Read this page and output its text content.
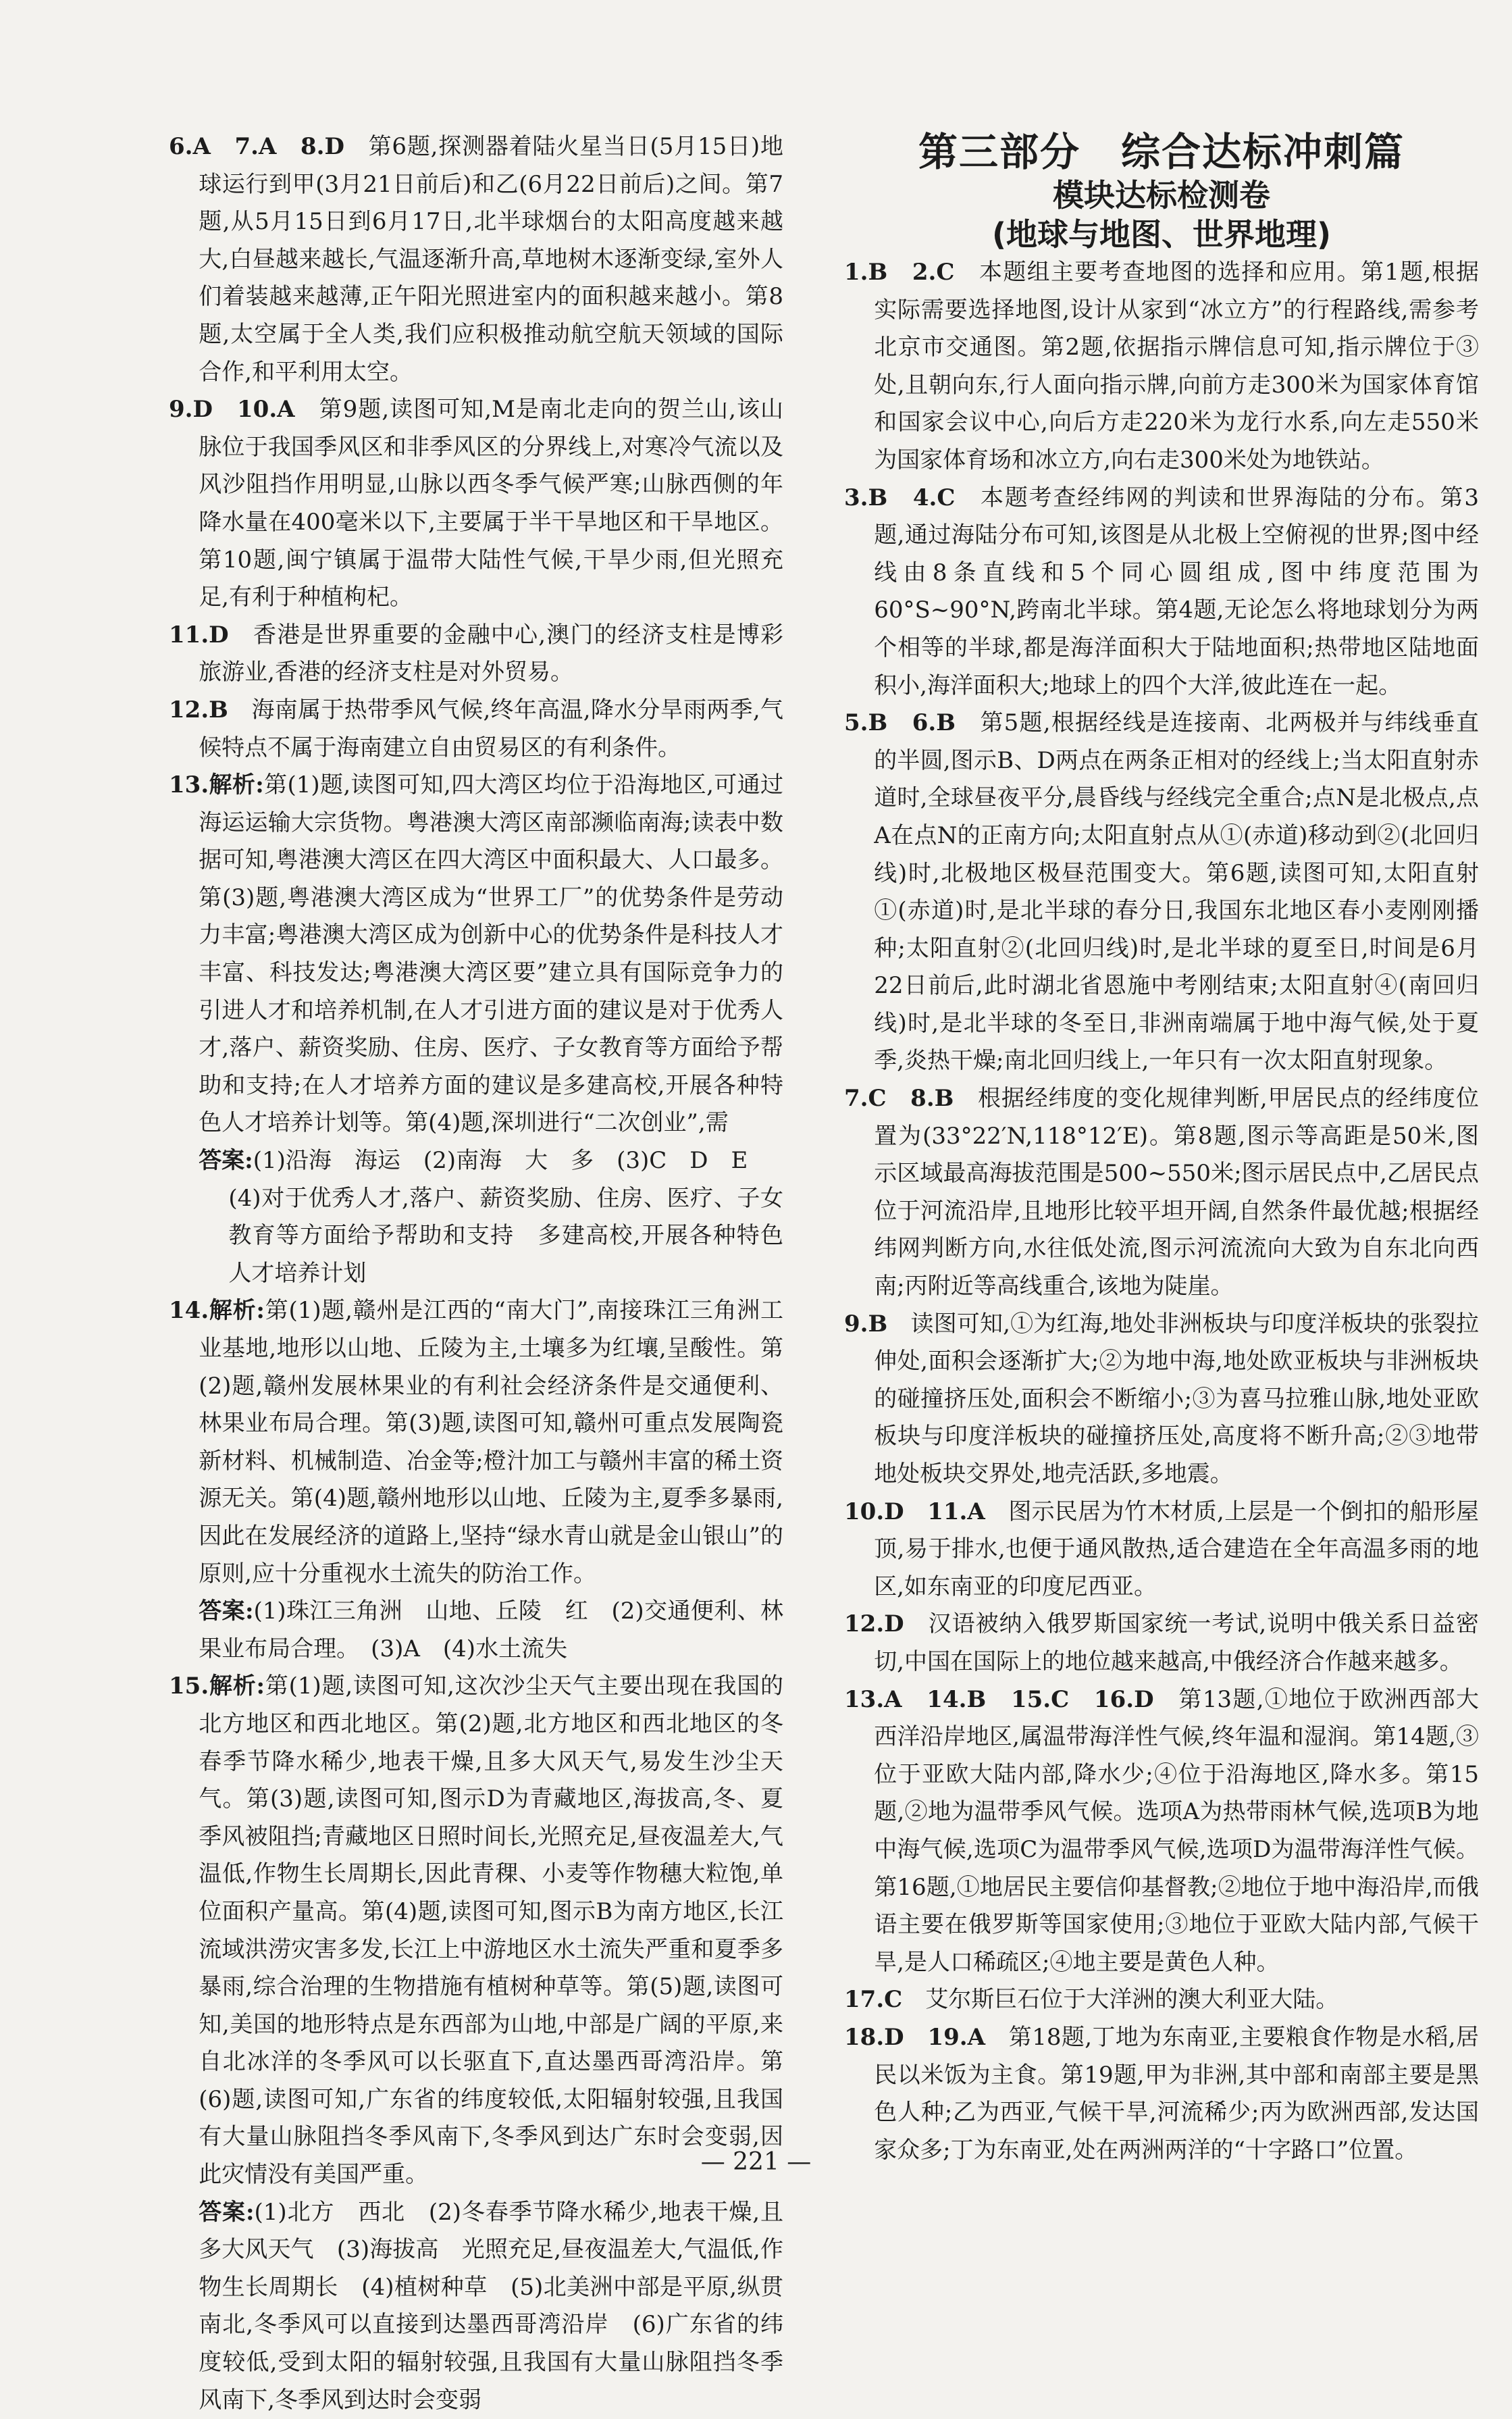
6.A　7.A　8.D　第6题,探测器着陆火星当日(5月15日)地球运行到甲(3月21日前后)和乙(6月22日前后)之间。第7题,从5月15日到6月17日,北半球烟台的太阳高度越来越大,白昼越来越长,气温逐渐升高,草地树木逐渐变绿,室外人们着装越来越薄,正午阳光照进室内的面积越来越小。第8题,太空属于全人类,我们应积极推动航空航天领域的国际合作,和平利用太空。

9.D　10.A　第9题,读图可知,M是南北走向的贺兰山,该山脉位于我国季风区和非季风区的分界线上,对寒冷气流以及风沙阻挡作用明显,山脉以西冬季气候严寒;山脉西侧的年降水量在400毫米以下,主要属于半干旱地区和干旱地区。第10题,闽宁镇属于温带大陆性气候,干旱少雨,但光照充足,有利于种植枸杞。

11.D　香港是世界重要的金融中心,澳门的经济支柱是博彩旅游业,香港的经济支柱是对外贸易。

12.B　海南属于热带季风气候,终年高温,降水分旱雨两季,气候特点不属于海南建立自由贸易区的有利条件。

13.解析:第(1)题,读图可知,四大湾区均位于沿海地区,可通过海运运输大宗货物。粤港澳大湾区南部濒临南海;读表中数据可知,粤港澳大湾区在四大湾区中面积最大、人口最多。第(3)题,粤港澳大湾区成为“世界工厂”的优势条件是劳动力丰富;粤港澳大湾区成为创新中心的优势条件是科技人才丰富、科技发达;粤港澳大湾区要”建立具有国际竞争力的引进人才和培养机制,在人才引进方面的建议是对于优秀人才,落户、薪资奖励、住房、医疗、子女教育等方面给予帮助和支持;在人才培养方面的建议是多建高校,开展各种特色人才培养计划等。第(4)题,深圳进行“二次创业”,需

答案:(1)沿海　海运　(2)南海　大　多　(3)C　D　E

(4)对于优秀人才,落户、薪资奖励、住房、医疗、子女教育等方面给予帮助和支持　多建高校,开展各种特色人才培养计划

14.解析:第(1)题,赣州是江西的“南大门”,南接珠江三角洲工业基地,地形以山地、丘陵为主,土壤多为红壤,呈酸性。第(2)题,赣州发展林果业的有利社会经济条件是交通便利、林果业布局合理。第(3)题,读图可知,赣州可重点发展陶瓷新材料、机械制造、冶金等;橙汁加工与赣州丰富的稀土资源无关。第(4)题,赣州地形以山地、丘陵为主,夏季多暴雨,因此在发展经济的道路上,坚持“绿水青山就是金山银山”的原则,应十分重视水土流失的防治工作。

答案:(1)珠江三角洲　山地、丘陵　红　(2)交通便利、林果业布局合理。　(3)A　(4)水土流失

15.解析:第(1)题,读图可知,这次沙尘天气主要出现在我国的北方地区和西北地区。第(2)题,北方地区和西北地区的冬春季节降水稀少,地表干燥,且多大风天气,易发生沙尘天气。第(3)题,读图可知,图示D为青藏地区,海拔高,冬、夏季风被阻挡;青藏地区日照时间长,光照充足,昼夜温差大,气温低,作物生长周期长,因此青稞、小麦等作物穗大粒饱,单位面积产量高。第(4)题,读图可知,图示B为南方地区,长江流域洪涝灾害多发,长江上中游地区水土流失严重和夏季多暴雨,综合治理的生物措施有植树种草等。第(5)题,读图可知,美国的地形特点是东西部为山地,中部是广阔的平原,来自北冰洋的冬季风可以长驱直下,直达墨西哥湾沿岸。第(6)题,读图可知,广东省的纬度较低,太阳辐射较强,且我国有大量山脉阻挡冬季风南下,冬季风到达广东时会变弱,因此灾情没有美国严重。

答案:(1)北方　西北　(2)冬春季节降水稀少,地表干燥,且多大风天气　(3)海拔高　光照充足,昼夜温差大,气温低,作物生长周期长　(4)植树种草　(5)北美洲中部是平原,纵贯南北,冬季风可以直接到达墨西哥湾沿岸　(6)广东省的纬度较低,受到太阳的辐射较强,且我国有大量山脉阻挡冬季风南下,冬季风到达时会变弱

第三部分　综合达标冲刺篇
模块达标检测卷
(地球与地图、世界地理)

1.B　2.C　本题组主要考查地图的选择和应用。第1题,根据实际需要选择地图,设计从家到“冰立方”的行程路线,需参考北京市交通图。第2题,依据指示牌信息可知,指示牌位于③处,且朝向东,行人面向指示牌,向前方走300米为国家体育馆和国家会议中心,向后方走220米为龙行水系,向左走550米为国家体育场和冰立方,向右走300米处为地铁站。

3.B　4.C　本题考查经纬网的判读和世界海陆的分布。第3题,通过海陆分布可知,该图是从北极上空俯视的世界;图中经线由8条直线和5个同心圆组成,图中纬度范围为60°S~90°N,跨南北半球。第4题,无论怎么将地球划分为两个相等的半球,都是海洋面积大于陆地面积;热带地区陆地面积小,海洋面积大;地球上的四个大洋,彼此连在一起。

5.B　6.B　第5题,根据经线是连接南、北两极并与纬线垂直的半圆,图示B、D两点在两条正相对的经线上;当太阳直射赤道时,全球昼夜平分,晨昏线与经线完全重合;点N是北极点,点A在点N的正南方向;太阳直射点从①(赤道)移动到②(北回归线)时,北极地区极昼范围变大。第6题,读图可知,太阳直射①(赤道)时,是北半球的春分日,我国东北地区春小麦刚刚播种;太阳直射②(北回归线)时,是北半球的夏至日,时间是6月22日前后,此时湖北省恩施中考刚结束;太阳直射④(南回归线)时,是北半球的冬至日,非洲南端属于地中海气候,处于夏季,炎热干燥;南北回归线上,一年只有一次太阳直射现象。

7.C　8.B　根据经纬度的变化规律判断,甲居民点的经纬度位置为(33°22′N,118°12′E)。第8题,图示等高距是50米,图示区域最高海拔范围是500~550米;图示居民点中,乙居民点位于河流沿岸,且地形比较平坦开阔,自然条件最优越;根据经纬网判断方向,水往低处流,图示河流流向大致为自东北向西南;丙附近等高线重合,该地为陡崖。

9.B　读图可知,①为红海,地处非洲板块与印度洋板块的张裂拉伸处,面积会逐渐扩大;②为地中海,地处欧亚板块与非洲板块的碰撞挤压处,面积会不断缩小;③为喜马拉雅山脉,地处亚欧板块与印度洋板块的碰撞挤压处,高度将不断升高;②③地带地处板块交界处,地壳活跃,多地震。

10.D　11.A　图示民居为竹木材质,上层是一个倒扣的船形屋顶,易于排水,也便于通风散热,适合建造在全年高温多雨的地区,如东南亚的印度尼西亚。

12.D　汉语被纳入俄罗斯国家统一考试,说明中俄关系日益密切,中国在国际上的地位越来越高,中俄经济合作越来越多。

13.A　14.B　15.C　16.D　第13题,①地位于欧洲西部大西洋沿岸地区,属温带海洋性气候,终年温和湿润。第14题,③位于亚欧大陆内部,降水少;④位于沿海地区,降水多。第15题,②地为温带季风气候。选项A为热带雨林气候,选项B为地中海气候,选项C为温带季风气候,选项D为温带海洋性气候。第16题,①地居民主要信仰基督教;②地位于地中海沿岸,而俄语主要在俄罗斯等国家使用;③地位于亚欧大陆内部,气候干旱,是人口稀疏区;④地主要是黄色人种。

17.C　艾尔斯巨石位于大洋洲的澳大利亚大陆。

18.D　19.A　第18题,丁地为东南亚,主要粮食作物是水稻,居民以米饭为主食。第19题,甲为非洲,其中部和南部主要是黑色人种;乙为西亚,气候干旱,河流稀少;丙为欧洲西部,发达国家众多;丁为东南亚,处在两洲两洋的“十字路口”位置。

— 221 —
